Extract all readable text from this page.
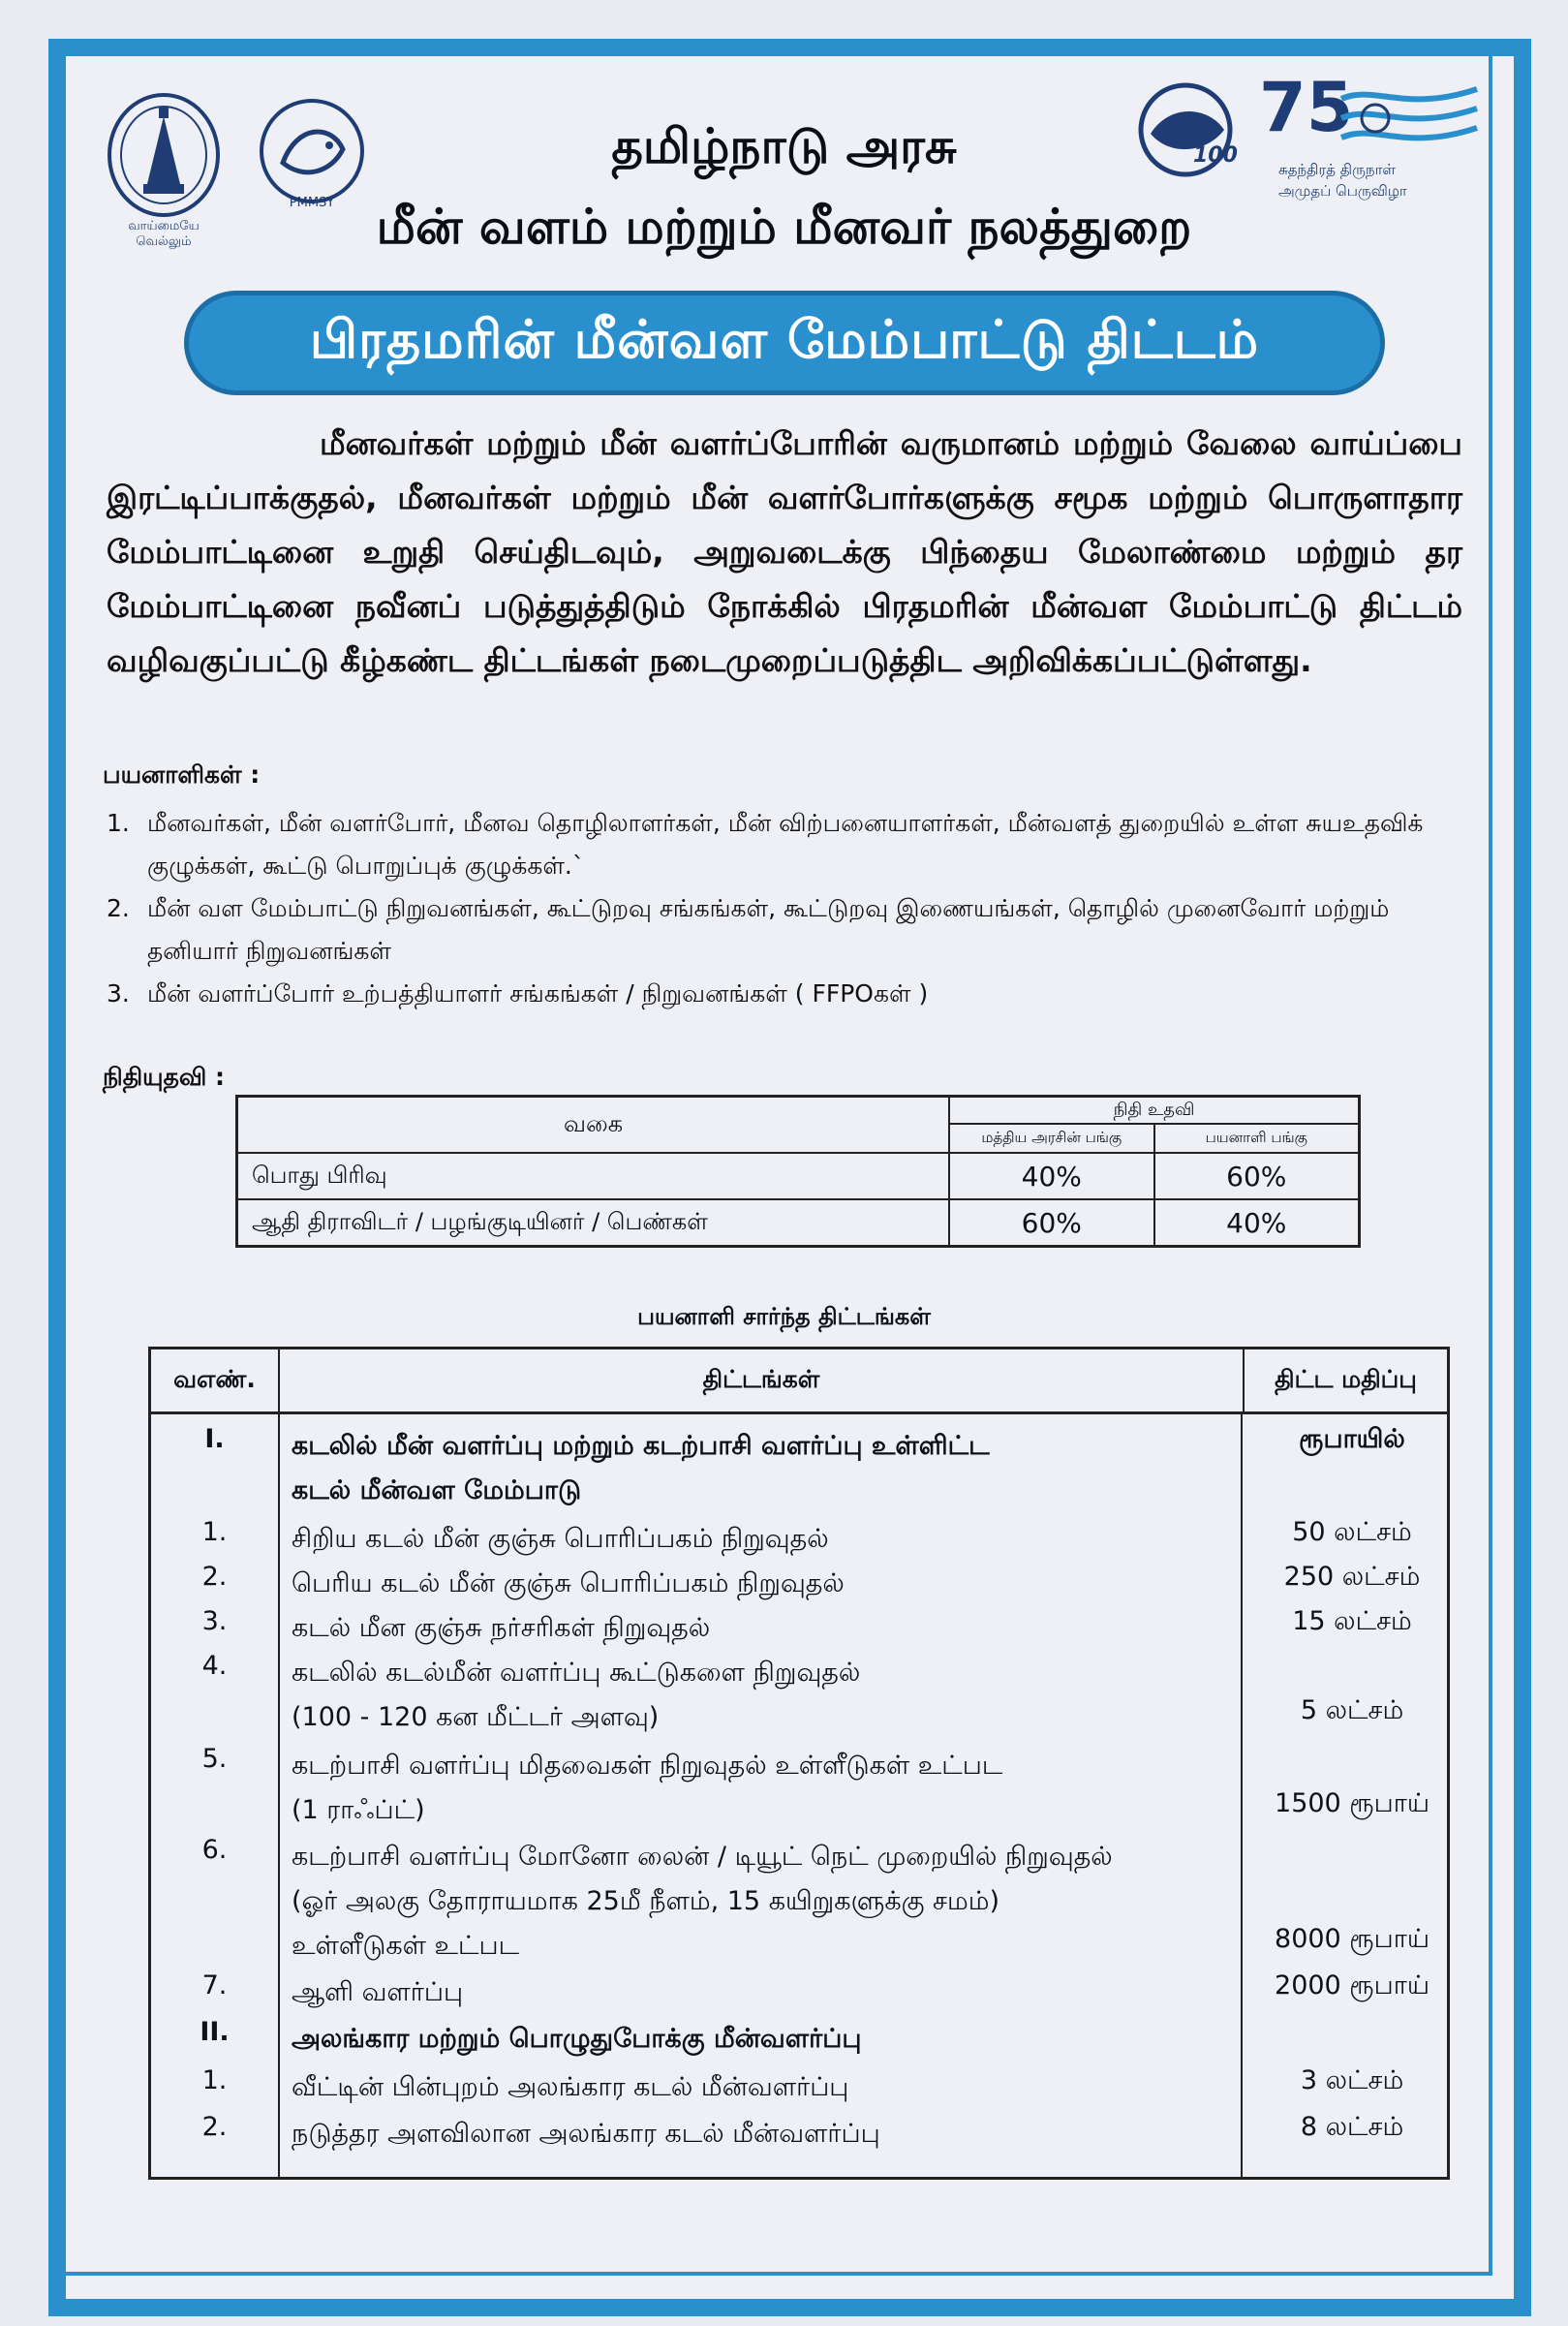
வாய்மையே வெல்லும்
PMMSY
100
75
சுதந்திரத் திருநாள்
அமுதப் பெருவிழா
தமிழ்நாடு அரசு
மீன் வளம் மற்றும் மீனவர் நலத்துறை
பிரதமரின் மீன்வள மேம்பாட்டு திட்டம்

மீனவர்கள் மற்றும் மீன் வளர்ப்போரின் வருமானம் மற்றும் வேலை வாய்ப்பை இரட்டிப்பாக்குதல், மீனவர்கள் மற்றும் மீன் வளர்போர்களுக்கு சமூக மற்றும் பொருளாதார மேம்பாட்டினை உறுதி செய்திடவும், அறுவடைக்கு பிந்தைய மேலாண்மை மற்றும் தர மேம்பாட்டினை நவீனப் படுத்துத்திடும் நோக்கில் பிரதமரின் மீன்வள மேம்பாட்டு திட்டம் வழிவகுப்பட்டு கீழ்கண்ட திட்டங்கள் நடைமுறைப்படுத்திட அறிவிக்கப்பட்டுள்ளது.

பயனாளிகள் :
1. மீனவர்கள், மீன் வளர்போர், மீனவ தொழிலாளர்கள், மீன் விற்பனையாளர்கள், மீன்வளத் துறையில் உள்ள சுயஉதவிக் குழுக்கள், கூட்டு பொறுப்புக் குழுக்கள்.`
2. மீன் வள மேம்பாட்டு நிறுவனங்கள், கூட்டுறவு சங்கங்கள், கூட்டுறவு இணையங்கள், தொழில் முனைவோர் மற்றும் தனியார் நிறுவனங்கள்
3. மீன் வளர்ப்போர் உற்பத்தியாளர் சங்கங்கள் / நிறுவனங்கள் ( FFPOகள் )
நிதியுதவி :
வகை	நிதி உதவி	
	மத்திய அரசின் பங்கு	பயனாளி பங்கு
பொது பிரிவு	40%	60%
ஆதி திராவிடர் / பழங்குடியினர் / பெண்கள்	60%	40%
பயனாளி சார்ந்த திட்டங்கள்
வஎண்.	திட்டங்கள்	திட்ட மதிப்பு
I.	கடலில் மீன் வளர்ப்பு மற்றும் கடற்பாசி வளர்ப்பு உள்ளிட்ட	ரூபாயில்
கடல் மீன்வள மேம்பாடு
1.	சிறிய கடல் மீன் குஞ்சு பொரிப்பகம் நிறுவுதல்	50 லட்சம்
2.	பெரிய கடல் மீன் குஞ்சு பொரிப்பகம் நிறுவுதல்	250 லட்சம்
3.	கடல் மீன குஞ்சு நர்சரிகள் நிறுவுதல்	15 லட்சம்
4.	கடலில் கடல்மீன் வளர்ப்பு கூட்டுகளை நிறுவுதல்
(100 - 120 கன மீட்டர் அளவு)	5 லட்சம்
5.	கடற்பாசி வளர்ப்பு மிதவைகள் நிறுவுதல் உள்ளீடுகள் உட்பட
(1 ராஃப்ட்)	1500 ரூபாய்
6.	கடற்பாசி வளர்ப்பு மோனோ லைன் / டியூட் நெட் முறையில் நிறுவுதல்
(ஓர் அலகு தோராயமாக 25மீ நீளம், 15 கயிறுகளுக்கு சமம்)
உள்ளீடுகள் உட்பட	8000 ரூபாய்
7.	ஆளி வளர்ப்பு	2000 ரூபாய்
II.	அலங்கார மற்றும் பொழுதுபோக்கு மீன்வளர்ப்பு
1.	வீட்டின் பின்புறம் அலங்கார கடல் மீன்வளர்ப்பு	3 லட்சம்
2.	நடுத்தர அளவிலான அலங்கார கடல் மீன்வளர்ப்பு	8 லட்சம்
